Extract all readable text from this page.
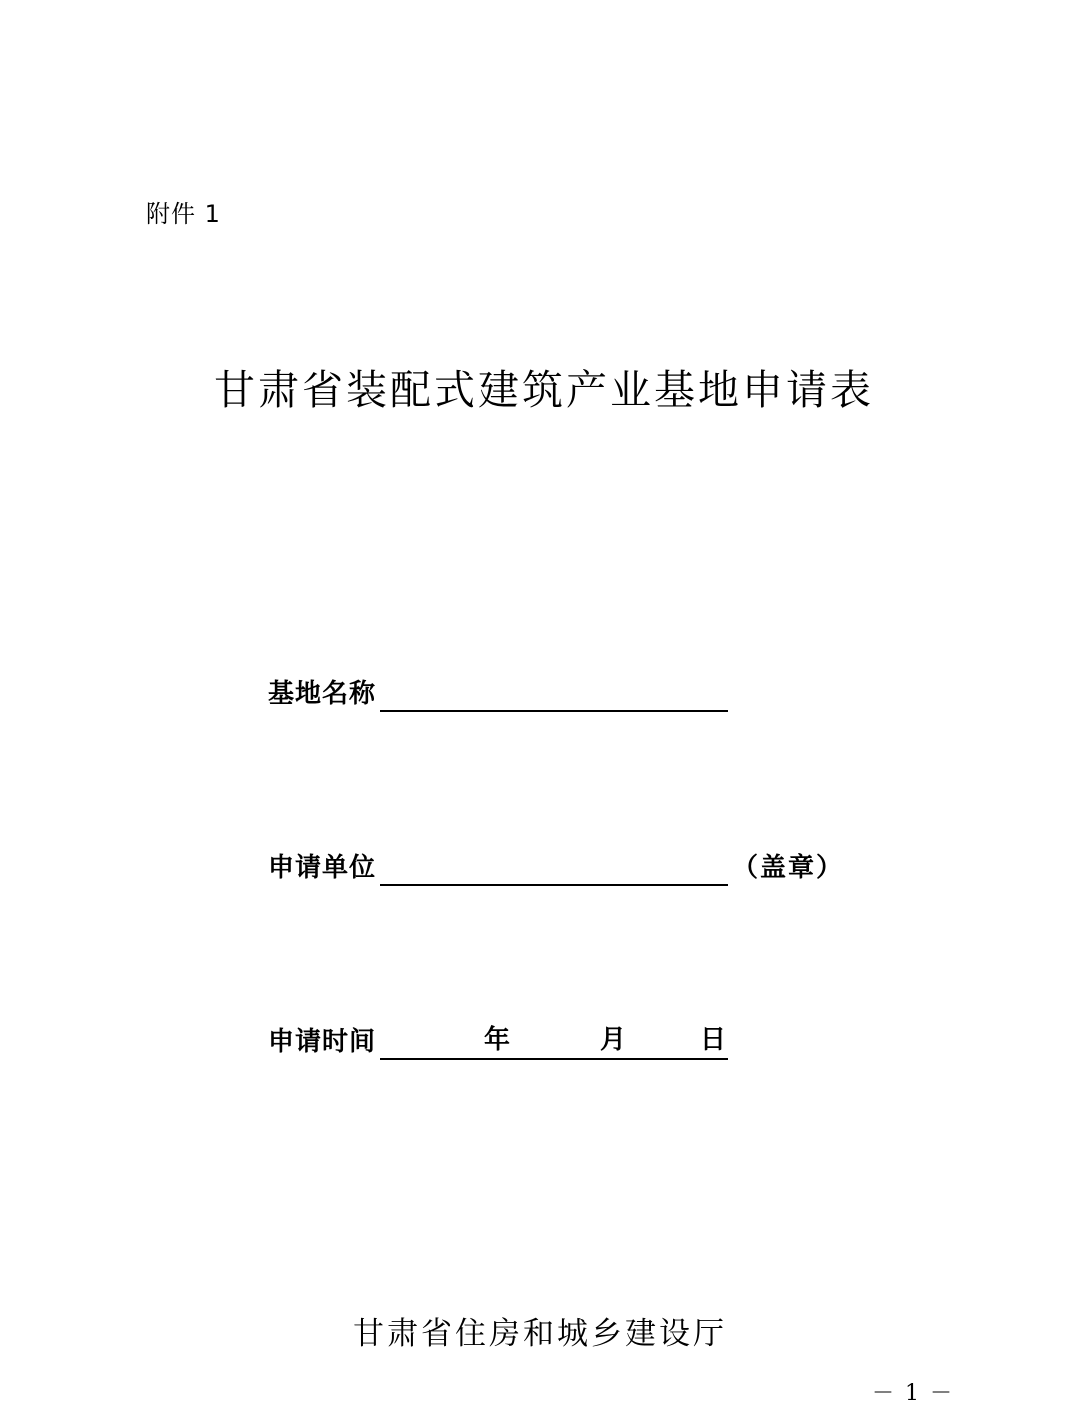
附件 1
甘肃省装配式建筑产业基地申请表
基地名称
申请单位	（盖章）
申请时间	年	月	日
甘肃省住房和城乡建设厅
－ 1 －
